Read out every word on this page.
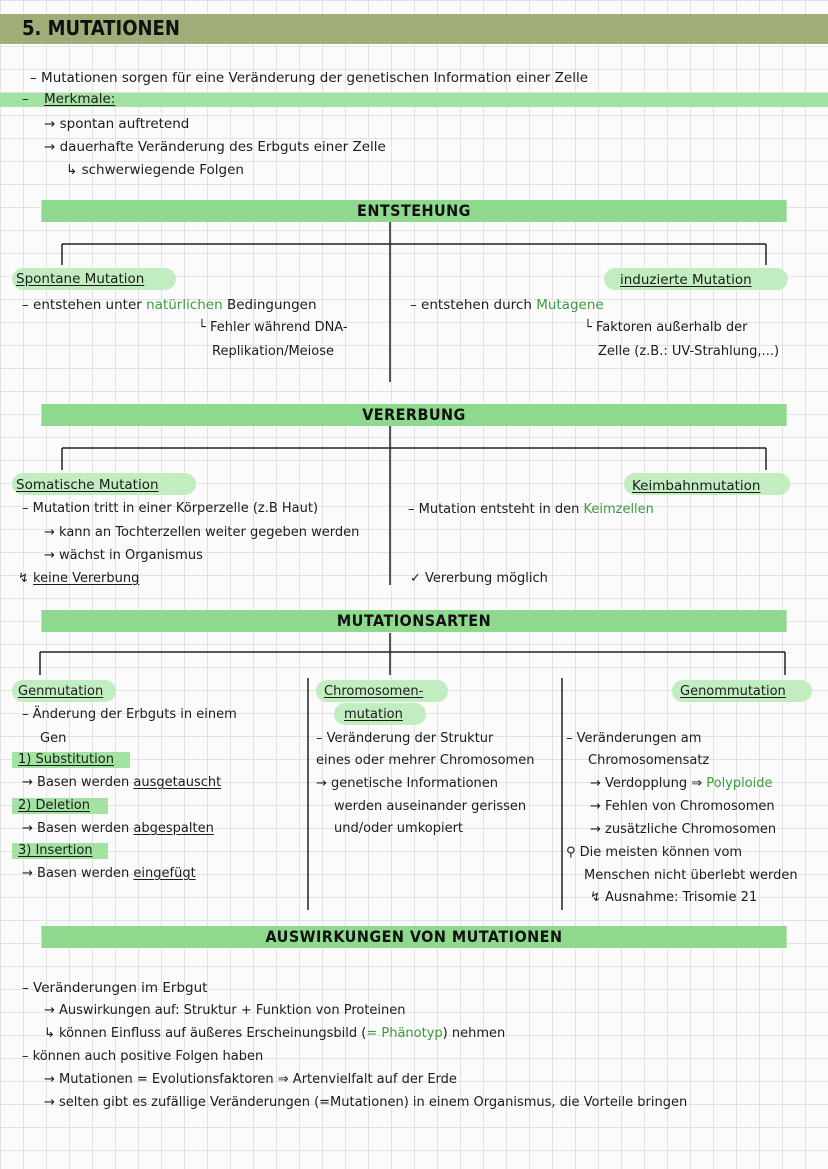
5. MUTATIONEN
– Mutationen sorgen für eine Veränderung der genetischen Information einer Zelle
– Merkmale:
→ spontan auftretend
→ dauerhafte Veränderung des Erbguts einer Zelle
↳ schwerwiegende Folgen
ENTSTEHUNG
Spontane Mutation
– entstehen unter natürlichen Bedingungen
└ Fehler während DNA-
Replikation/Meiose
induzierte Mutation
– entstehen durch Mutagene
└ Faktoren außerhalb der
Zelle (z.B.: UV-Strahlung,...)
VERERBUNG
Somatische Mutation
– Mutation tritt in einer Körperzelle (z.B Haut)
→ kann an Tochterzellen weiter gegeben werden
→ wächst in Organismus
↯ keine Vererbung
Keimbahnmutation
– Mutation entsteht in den Keimzellen
✓ Vererbung möglich
MUTATIONSARTEN
Genmutation
– Änderung der Erbguts in einem
Gen
1) Substitution
→ Basen werden ausgetauscht
2) Deletion
→ Basen werden abgespalten
3) Insertion
→ Basen werden eingefügt
Chromosomen-
mutation
– Veränderung der Struktur
eines oder mehrer Chromosomen
→ genetische Informationen
werden auseinander gerissen
und/oder umkopiert
Genommutation
– Veränderungen am
Chromosomensatz
→ Verdopplung ⇒ Polyploide
→ Fehlen von Chromosomen
→ zusätzliche Chromosomen
⚲ Die meisten können vom
Menschen nicht überlebt werden
↯ Ausnahme: Trisomie 21
AUSWIRKUNGEN VON MUTATIONEN
– Veränderungen im Erbgut
→ Auswirkungen auf: Struktur + Funktion von Proteinen
↳ können Einfluss auf äußeres Erscheinungsbild (= Phänotyp) nehmen
– können auch positive Folgen haben
→ Mutationen = Evolutionsfaktoren ⇒ Artenvielfalt auf der Erde
→ selten gibt es zufällige Veränderungen (=Mutationen) in einem Organismus, die Vorteile bringen
